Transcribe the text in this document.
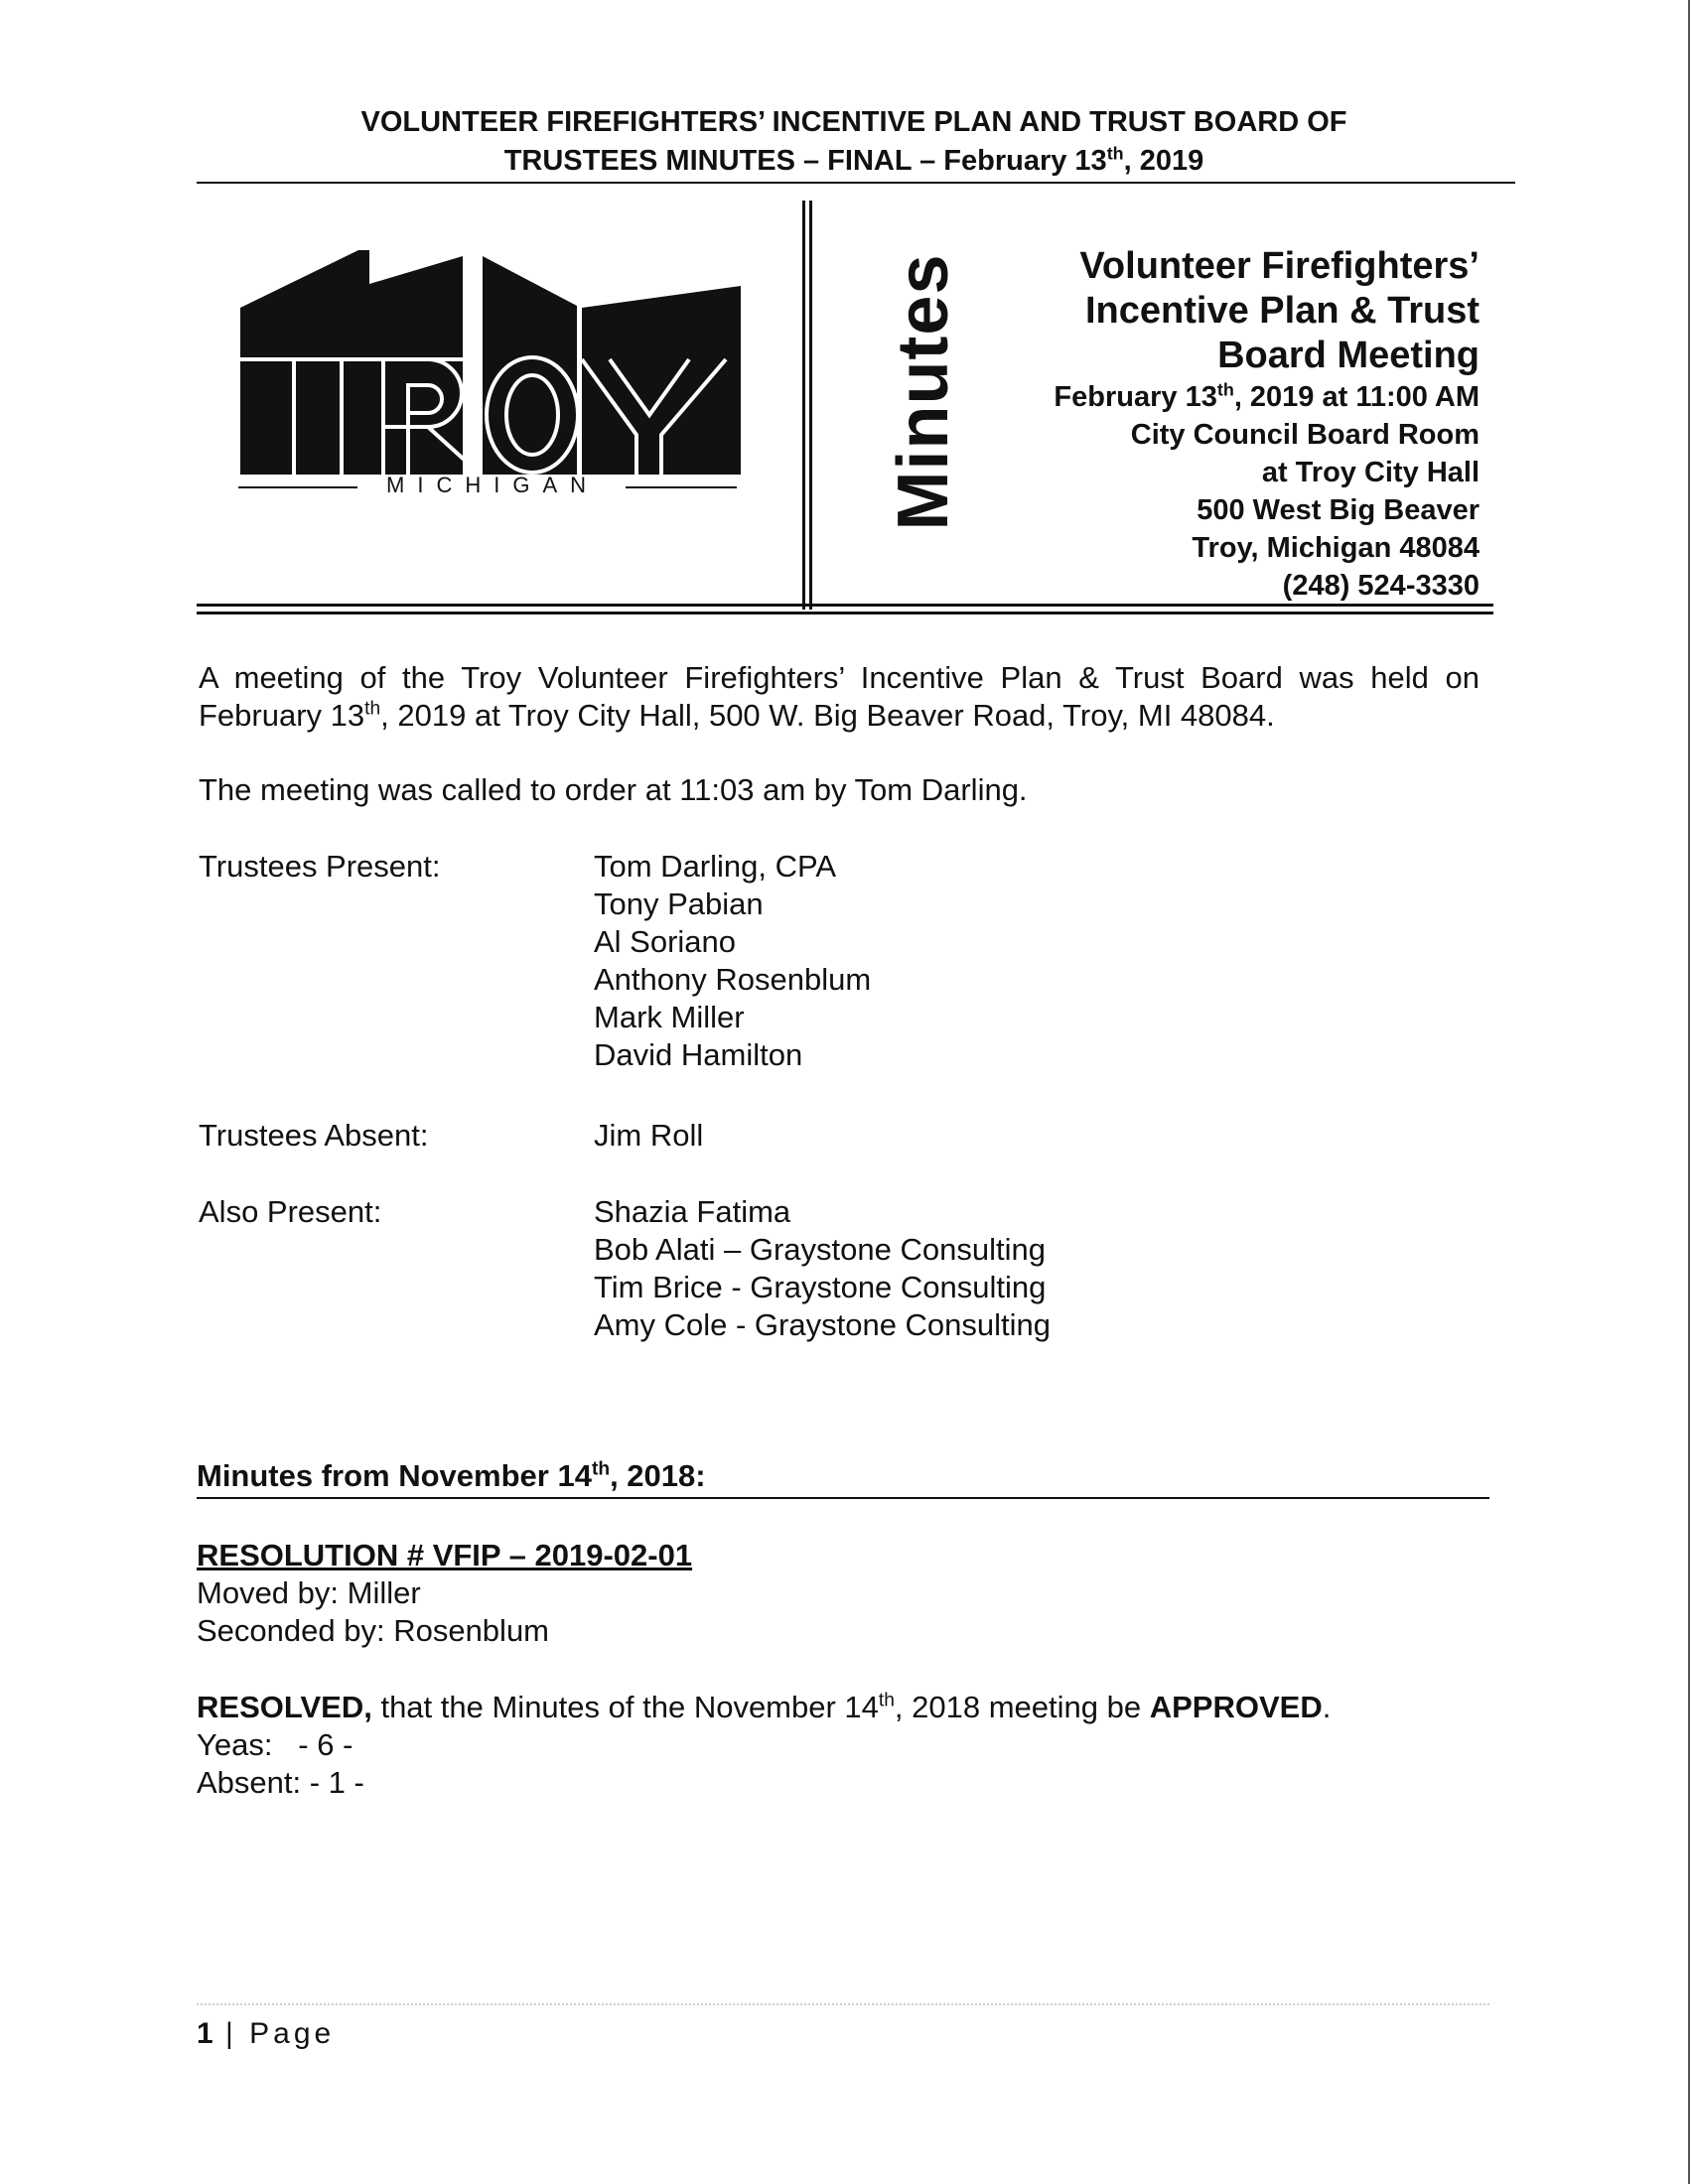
VOLUNTEER FIREFIGHTERS’ INCENTIVE PLAN AND TRUST BOARD OF
TRUSTEES MINUTES – FINAL – February 13th, 2019
MICHIGAN	Minutes	Volunteer Firefighters’
Incentive Plan & Trust
Board Meeting
February 13th, 2019 at 11:00 AM
City Council Board Room
at Troy City Hall
500 West Big Beaver
Troy, Michigan 48084
(248) 524-3330
A meeting of the Troy Volunteer Firefighters’ Incentive Plan & Trust Board was held on February 13th, 2019 at Troy City Hall, 500 W. Big Beaver Road, Troy, MI 48084.
The meeting was called to order at 11:03 am by Tom Darling.
Trustees Present:	Tom Darling, CPA
Tony Pabian
Al Soriano
Anthony Rosenblum
Mark Miller
David Hamilton
Trustees Absent:	Jim Roll
Also Present:	Shazia Fatima
Bob Alati – Graystone Consulting
Tim Brice - Graystone Consulting
Amy Cole - Graystone Consulting
Minutes from November 14th, 2018:
RESOLUTION # VFIP – 2019-02-01
Moved by: Miller
Seconded by: Rosenblum
RESOLVED, that the Minutes of the November 14th, 2018 meeting be APPROVED.
Yeas: - 6 -
Absent: - 1 -
1 | Page
